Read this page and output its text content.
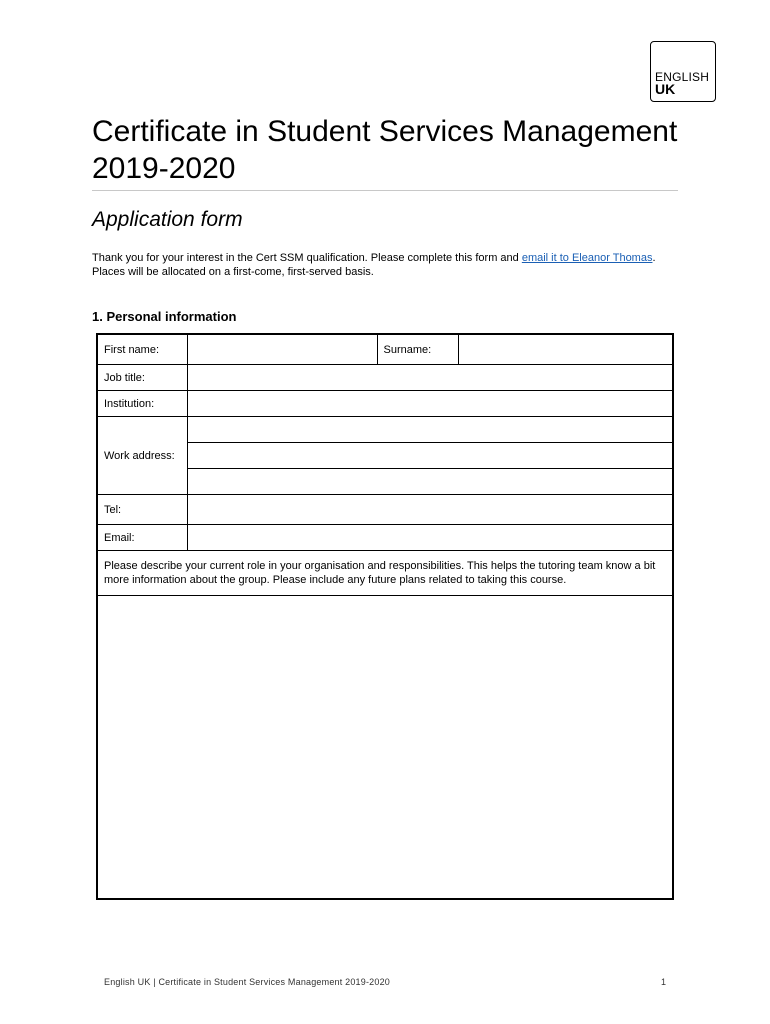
ENGLISH
UK
Certificate in Student Services Management 2019-2020
Application form

Thank you for your interest in the Cert SSM qualification. Please complete this form and email it to Eleanor Thomas. Places will be allocated on a first-come, first-served basis.

1. Personal information
First name:		Surname:	
Job title:			
Institution:			
Work address:			

Tel:			
Email:			
Please describe your current role in your organisation and responsibilities. This helps the tutoring team know a bit more information about the group. Please include any future plans related to taking this course.			

English UK | Certificate in Student Services Management 2019-2020	1
